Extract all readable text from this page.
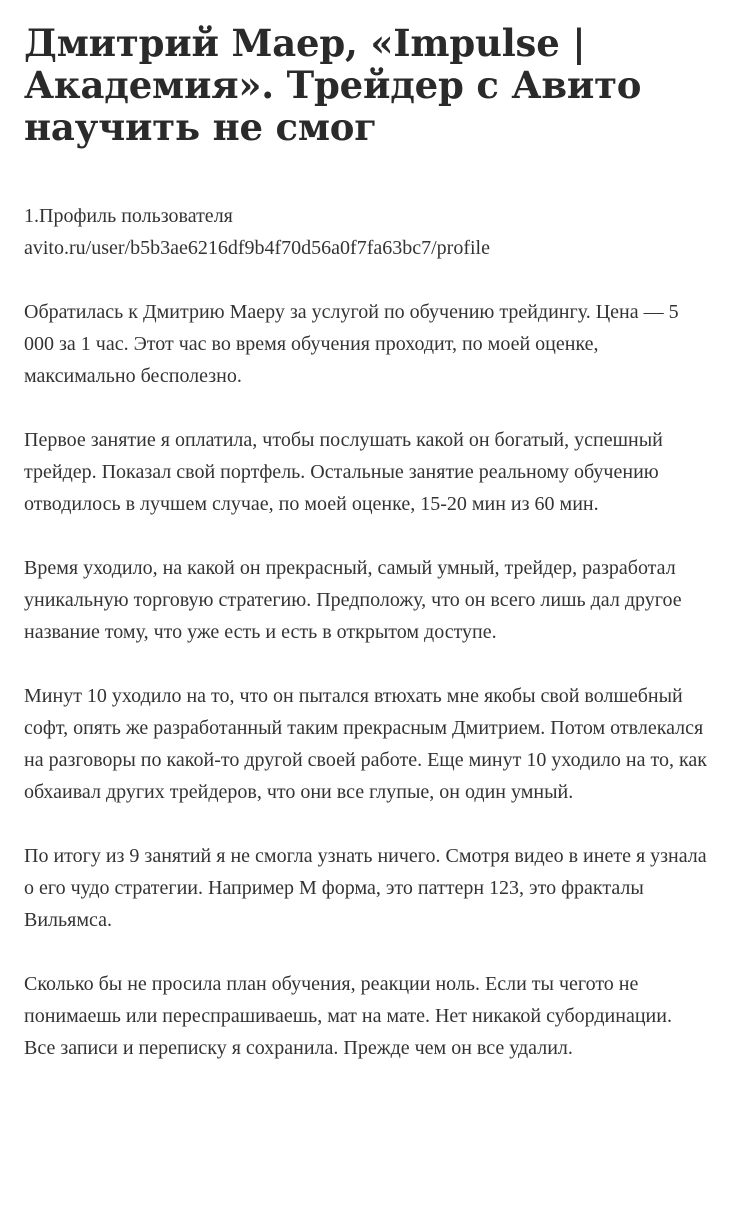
Дмитрий Маер, «Impulse | Академия». Трейдер с Авито научить не смог

1.Профиль пользователя

avito.ru/user/b5b3ae6216df9b4f70d56a0f7fa63bc7/profile

Обратилась к Дмитрию Маеру за услугой по обучению трейдингу. Цена — 5 000 за 1 час. Этот час во время обучения проходит, по моей оценке, максимально бесполезно.

Первое занятие я оплатила, чтобы послушать какой он богатый, успешный трейдер. Показал свой портфель. Остальные занятие реальному обучению отводилось в лучшем случае, по моей оценке, 15-20 мин из 60 мин.

Время уходило, на какой он прекрасный, самый умный, трейдер, разработал уникальную торговую стратегию. Предположу, что он всего лишь дал другое название тому, что уже есть и есть в открытом доступе.

Минут 10 уходило на то, что он пытался втюхать мне якобы свой волшебный софт, опять же разработанный таким прекрасным Дмитрием. Потом отвлекался на разговоры по какой-то другой своей работе. Еще минут 10 уходило на то, как обхаивал других трейдеров, что они все глупые, он один умный.

По итогу из 9 занятий я не смогла узнать ничего. Смотря видео в инете я узнала о его чудо стратегии. Например М форма, это паттерн 123, это фракталы Вильямса.

Сколько бы не просила план обучения, реакции ноль. Если ты чегото не понимаешь или переспрашиваешь, мат на мате. Нет никакой субординации. Все записи и переписку я сохранила. Прежде чем он все удалил.
